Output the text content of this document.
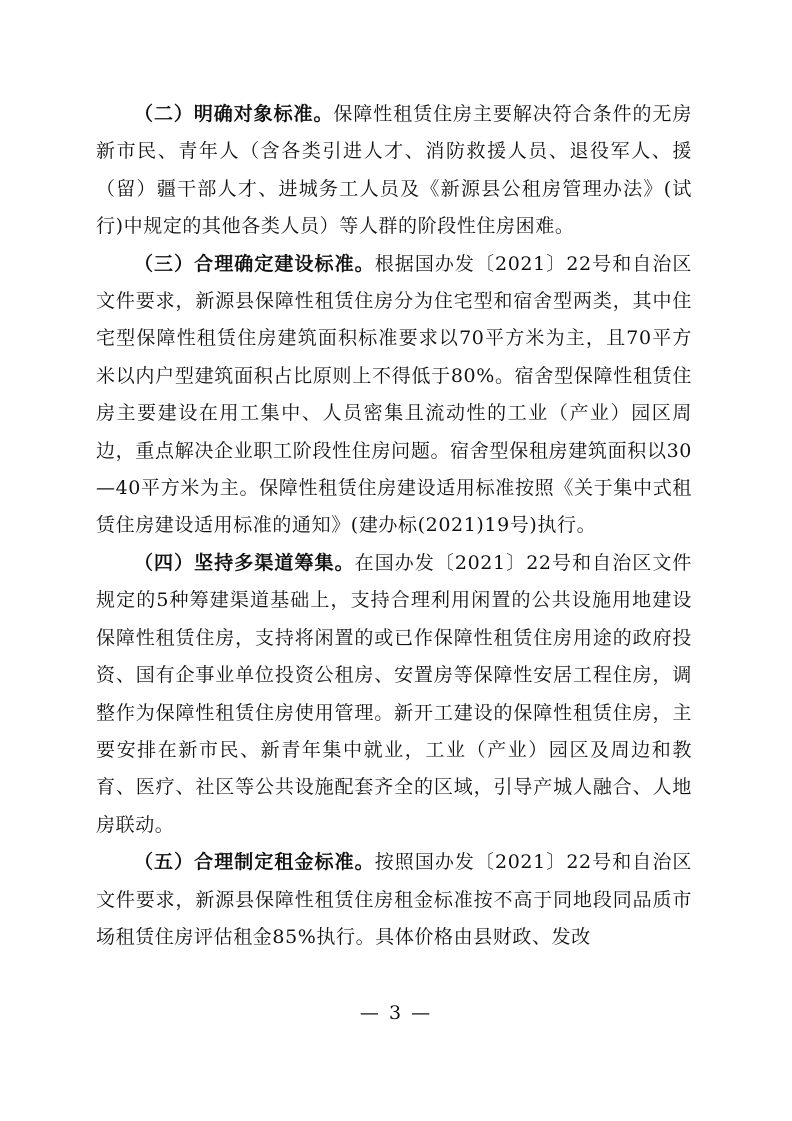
（二）明确对象标准。保障性租赁住房主要解决符合条件的无房新市民、青年人（含各类引进人才、消防救援人员、退役军人、援（留）疆干部人才、进城务工人员及《新源县公租房管理办法》(试行)中规定的其他各类人员）等人群的阶段性住房困难。

（三）合理确定建设标准。根据国办发〔2021〕22号和自治区文件要求，新源县保障性租赁住房分为住宅型和宿舍型两类，其中住宅型保障性租赁住房建筑面积标准要求以70平方米为主，且70平方米以内户型建筑面积占比原则上不得低于80%。宿舍型保障性租赁住房主要建设在用工集中、人员密集且流动性的工业（产业）园区周边，重点解决企业职工阶段性住房问题。宿舍型保租房建筑面积以30—40平方米为主。保障性租赁住房建设适用标准按照《关于集中式租赁住房建设适用标准的通知》(建办标(2021)19号)执行。

（四）坚持多渠道筹集。在国办发〔2021〕22号和自治区文件规定的5种筹建渠道基础上，支持合理利用闲置的公共设施用地建设保障性租赁住房，支持将闲置的或已作保障性租赁住房用途的政府投资、国有企事业单位投资公租房、安置房等保障性安居工程住房，调整作为保障性租赁住房使用管理。新开工建设的保障性租赁住房，主要安排在新市民、新青年集中就业，工业（产业）园区及周边和教育、医疗、社区等公共设施配套齐全的区域，引导产城人融合、人地房联动。

（五）合理制定租金标准。按照国办发〔2021〕22号和自治区文件要求，新源县保障性租赁住房租金标准按不高于同地段同品质市场租赁住房评估租金85%执行。具体价格由县财政、发改

— 3 —
